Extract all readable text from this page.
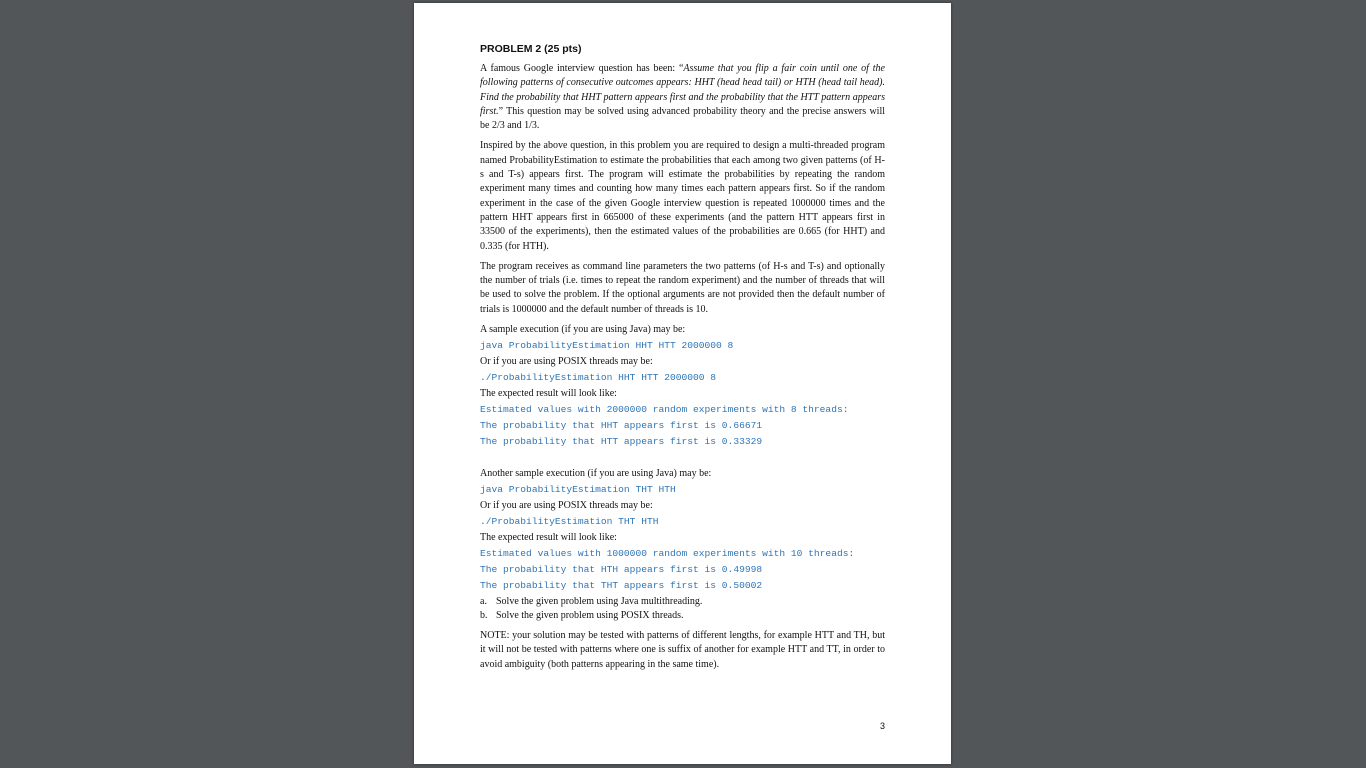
PROBLEM 2 (25 pts)

A famous Google interview question has been: “Assume that you flip a fair coin until one of the following patterns of consecutive outcomes appears: HHT (head head tail) or HTH (head tail head). Find the probability that HHT pattern appears first and the probability that the HTT pattern appears first.” This question may be solved using advanced probability theory and the precise answers will be 2/3 and 1/3.

Inspired by the above question, in this problem you are required to design a multi-threaded program named ProbabilityEstimation to estimate the probabilities that each among two given patterns (of H-s and T-s) appears first. The program will estimate the probabilities by repeating the random experiment many times and counting how many times each pattern appears first. So if the random experiment in the case of the given Google interview question is repeated 1000000 times and the pattern HHT appears first in 665000 of these experiments (and the pattern HTT appears first in 33500 of the experiments), then the estimated values of the probabilities are 0.665 (for HHT) and 0.335 (for HTH).

The program receives as command line parameters the two patterns (of H-s and T-s) and optionally the number of trials (i.e. times to repeat the random experiment) and the number of threads that will be used to solve the problem. If the optional arguments are not provided then the default number of trials is 1000000 and the default number of threads is 10.

A sample execution (if you are using Java) may be:
java ProbabilityEstimation HHT HTT 2000000 8
Or if you are using POSIX threads may be:
./ProbabilityEstimation HHT HTT 2000000 8
The expected result will look like:
Estimated values with 2000000 random experiments with 8 threads:
The probability that HHT appears first is 0.66671
The probability that HTT appears first is 0.33329
Another sample execution (if you are using Java) may be:
java ProbabilityEstimation THT HTH
Or if you are using POSIX threads may be:
./ProbabilityEstimation THT HTH
The expected result will look like:
Estimated values with 1000000 random experiments with 10 threads:
The probability that HTH appears first is 0.49998
The probability that THT appears first is 0.50002
a. Solve the given problem using Java multithreading.
b. Solve the given problem using POSIX threads.

NOTE: your solution may be tested with patterns of different lengths, for example HTT and TH, but it will not be tested with patterns where one is suffix of another for example HTT and TT, in order to avoid ambiguity (both patterns appearing in the same time).

3
